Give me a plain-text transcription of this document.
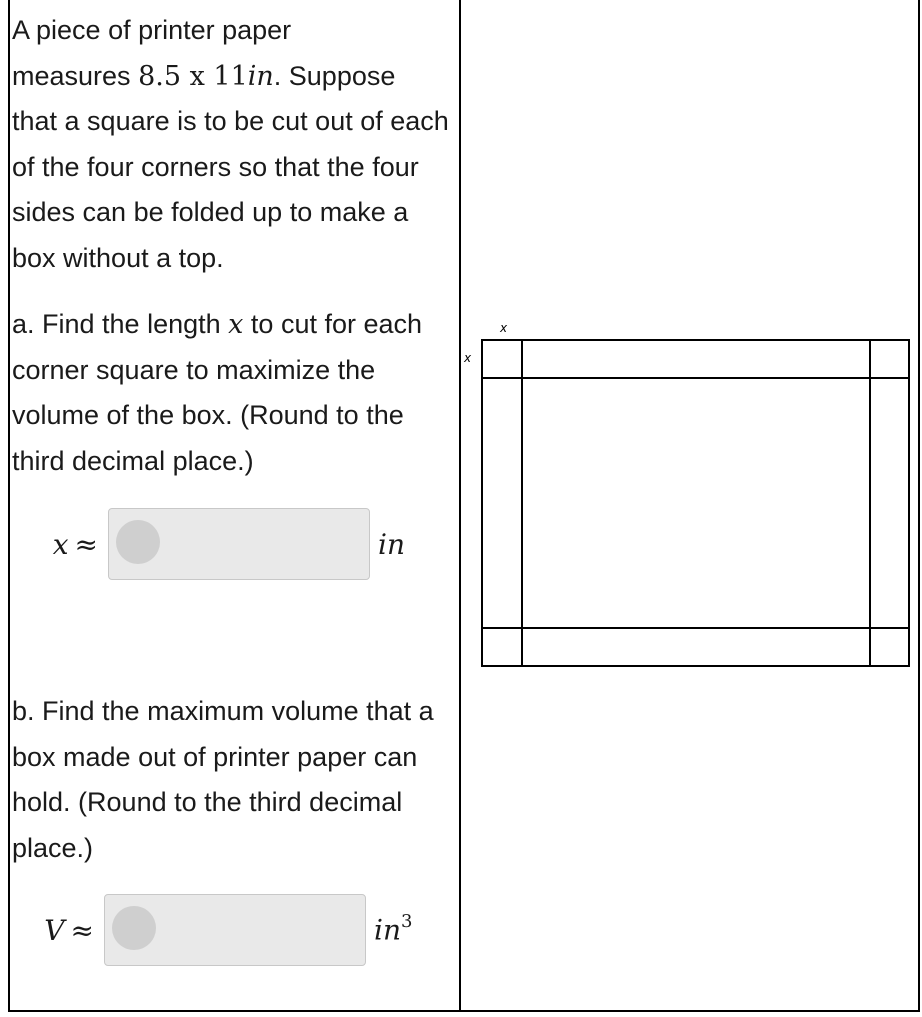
A piece of printer paper
measures 8.5 x 11in. Suppose
that a square is to be cut out of each of the four corners so that the four sides can be folded up to make a box without a top.
a. Find the length x to cut for each corner square to maximize the volume of the box. (Round to the third decimal place.)
x ≈	in
b. Find the maximum volume that a box made out of printer paper can hold. (Round to the third decimal place.)
V ≈	$in^3$
x
x
